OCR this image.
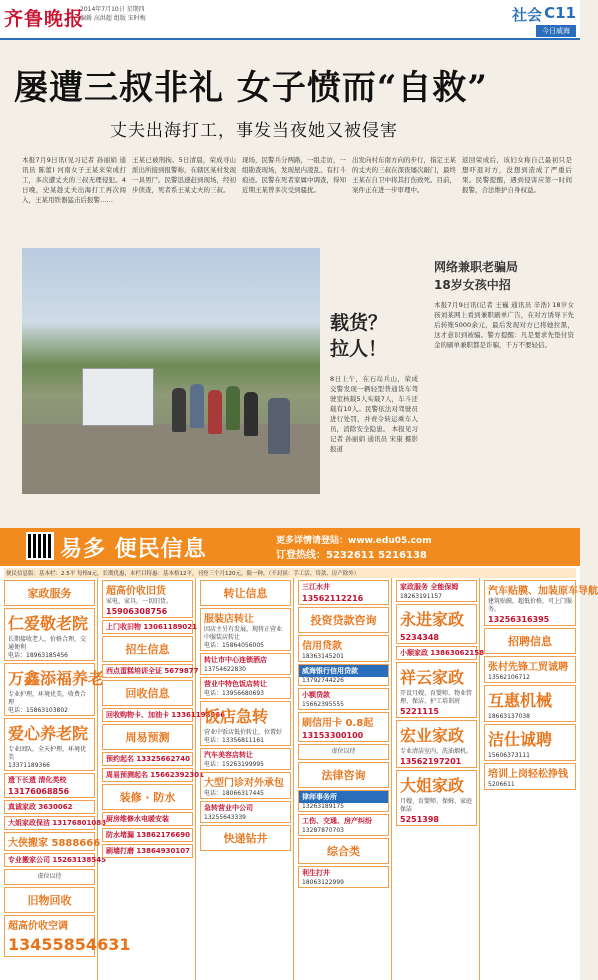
齐鲁晚报
2014年7月10日 星期四
编辑 高洪超 组版 宋时梅	社会 C11
今日威海
屡遭三叔非礼 女子愤而“自救”
丈夫出海打工，事发当夜她又被侵害
本报7月9日讯(见习记者 孙丽娟 通讯员 陈蕾) 河南女子王某来荣成打工，多次遭丈夫的三叔无理侵犯。4日晚，史某趁丈夫出海打工再次闯入，王某用铁器猛击后报警……
王某已被刑拘。5日清晨，荣成寻山派出所接到报警称，在辖区某村发现一具男尸。民警迅速赶到现场，经初步侦查，死者系王某丈夫的三叔。
现场，民警兵分两路，一组走访，一组勘查现场，发现屋内凌乱、有打斗痕迹。民警在死者家属中调查，得知近期王某曾多次受到骚扰。
出发向村东南方向的步行，指定王某的丈夫的三叔在深夜屡次敲门，最终王某在自卫中将其打伤致死。目前，案件正在进一步审理中。
返回荣成后，该妇女称自己最初只是想吓退对方，没想到造成了严重后果。民警提醒，遇到侵害应第一时间报警，合法维护自身权益。
载货？
拉人！
8日上午，在石岛兵山，荣成交警发现一辆轻型普通货车驾驶室核载5人实载7人，车斗还载有10人。民警依法对驾驶员进行处罚，并责令转运乘车人员，消除安全隐患。 本报见习记者 孙丽娟 通讯员 宋康 摄影报道
网络兼职老骗局
18岁女孩中招
本报7月9日讯(记者 王巍 通讯员 辛浩) 18岁女孩刘某网上看到兼职刷单广告，在对方诱导下先后转账5000余元，最后发现对方已将她拉黑，这才意识到被骗。警方提醒：凡是要求先垫付资金的刷单兼职都是诈骗，千万不要轻信。
易多 便民信息	更多详情请登陆：www.edu05.com
订登热线：5232611 5216138
便民信息版：基本栏：2.5平 每格9元，长期优惠，本栏目特惠：基本格12平，刊登三个月120元，限一种，（不封顶：手工活、贷款、房产除外）
家政服务
仁爱敬老院
长期接收老人，价格合理，交通便利
电话：18963185456
万鑫添福养老
专业护理，环境优美，收费合理
电话：15863103802
爱心养老院
专业团队，全天护理，环境优美
13371189366
遗下长遗 清化类校
13176068856
真诚家政 3630062
大姐家政保洁 13176801088
大侠搬家 5888666
专业搬家公司 15263138545
虚位以待
旧物回收
超高价收空调
13455854631
超高价收旧货
家电、家具，一切旧货。
15906308756
上门收旧物 13061189021
招生信息
西点蛋糕培训全证 5679877
回收信息
回收购物卡、加油卡 13361198566
周易预测
预约起名 13325662740
周易预测起名 15662392301
装修 · 防水
厨房维修水电暖安装
防水堵漏 13862176690
刷墙打磨 13864930107
转让信息
服装店转让
因店主另有发展，现将正营业中服装店转让
电话：15864056005
转让市中心连锁酒店
13754622830
营业中特色饭店转让
电话：13956680693
饭店急转
营业中饭店低价转让，位置好
电话：13356811161
汽车美容店转让
电话：15263199995
大型门诊对外承包
电话：18066317445
急转营业中公司
13255643339
快递钻井
三江水井
13562112216
投资贷款咨询
信用贷款
18363145201
威海银行信用贷款
13792744226
小额贷款
15662395555
刷信用卡 0.8起
13153300100
虚位以待
法律咨询
律师事务所
13263189175
工伤、交通、房产纠纷
13287870703
综合类
利生打井
18063122999
家政服务 全能保姆
18263191157
永进家政
5234348
小顺家政 13863062158
祥云家政
开设月嫂、育婴师、物业管理、保洁、护工培训班
5221115
宏业家政
专业清洁室内、洗油烟机。
13562197201
大姐家政
月嫂、育婴师、保姆、家庭保洁
5251398
汽车贴膜、加装原车导航
建筑贴膜，超低价格，可上门服务。
13256316395
招聘信息
张村先锋工贸诚聘
13562106712
互惠机械
18663137038
洁仕诚聘
15606373111
培训上岗轻松挣钱
5206611
